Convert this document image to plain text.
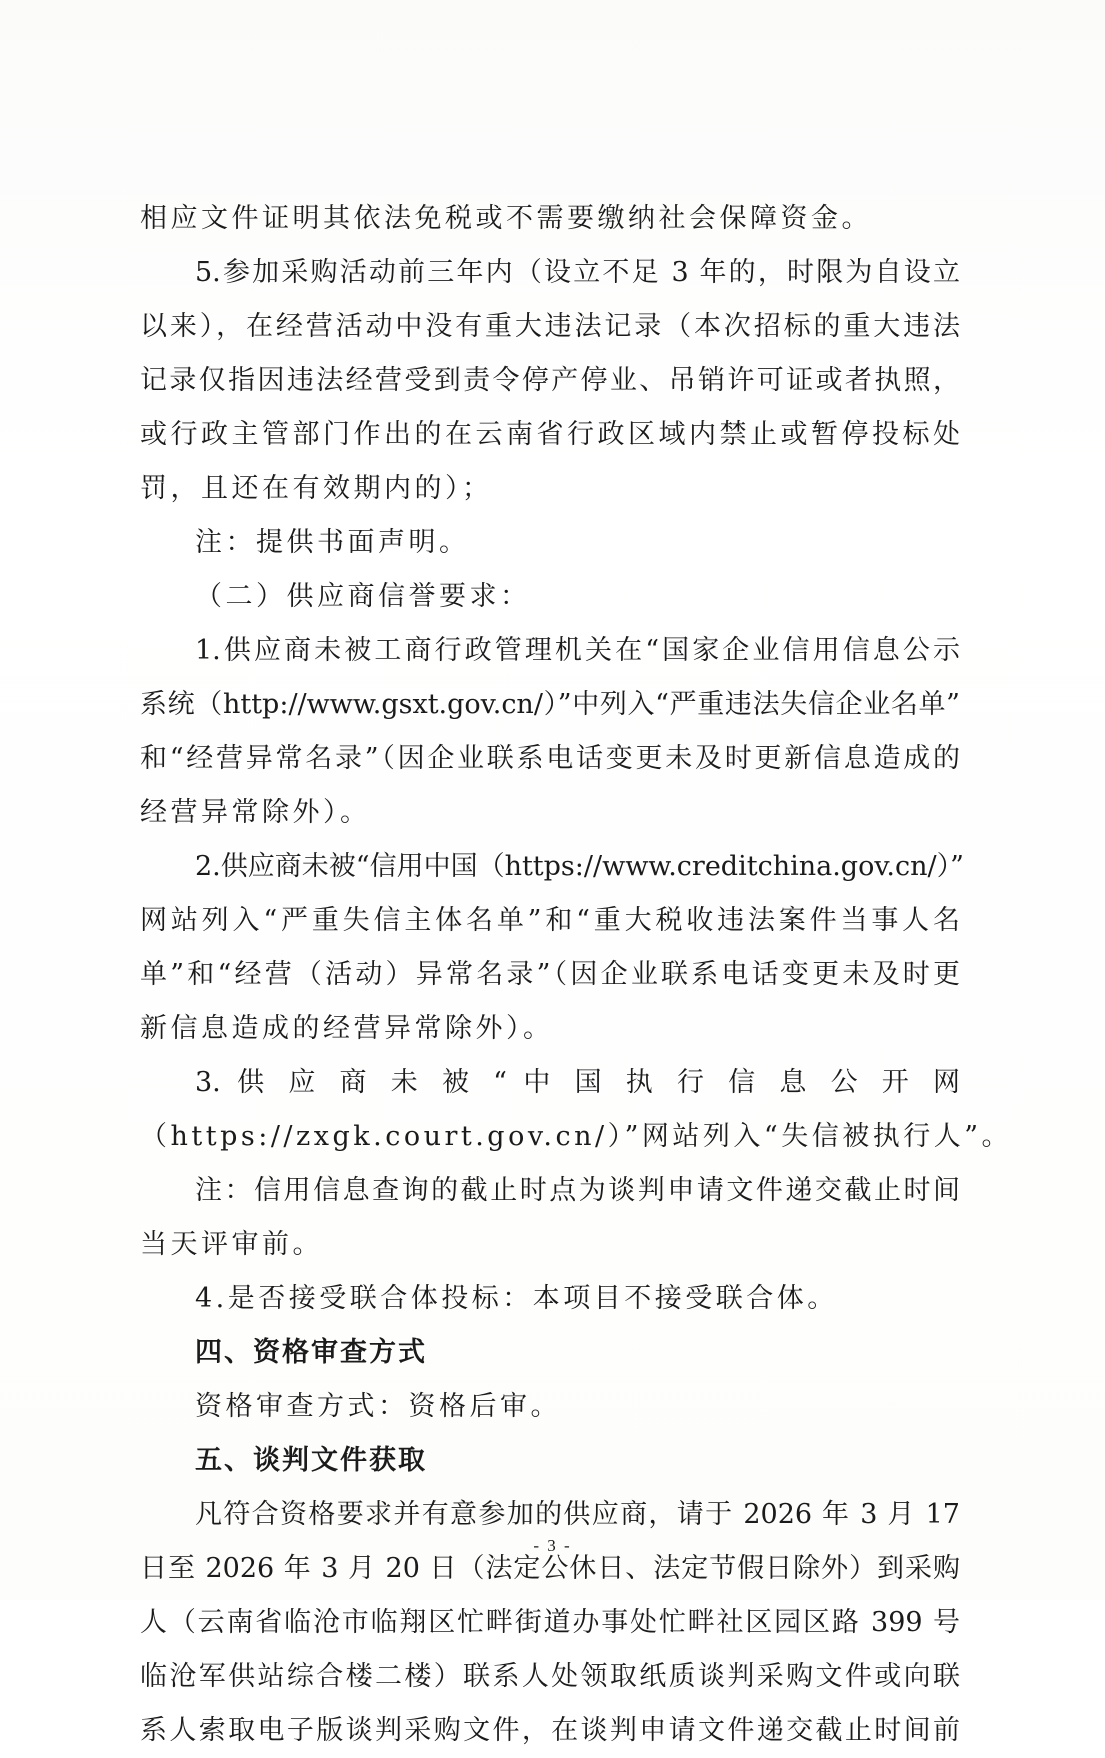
相应文件证明其依法免税或不需要缴纳社会保障资金。
5.参加采购活动前三年内（设立不足 3 年的，时限为自设立
以来），在经营活动中没有重大违法记录（本次招标的重大违法
记录仅指因违法经营受到责令停产停业、吊销许可证或者执照，
或行政主管部门作出的在云南省行政区域内禁止或暂停投标处
罚，且还在有效期内的）；
注：提供书面声明。
（二）供应商信誉要求：
1.供应商未被工商行政管理机关在“国家企业信用信息公示
系统（http://www.gsxt.gov.cn/）”中列入“严重违法失信企业名单”
和“经营异常名录”（因企业联系电话变更未及时更新信息造成的
经营异常除外）。
2.供应商未被“信用中国（https://www.creditchina.gov.cn/）”
网站列入“严重失信主体名单”和“重大税收违法案件当事人名
单”和“经营（活动）异常名录”（因企业联系电话变更未及时更
新信息造成的经营异常除外）。
3. 供 应 商 未 被 “ 中 国 执 行 信 息 公 开 网
（https://zxgk.court.gov.cn/）”网站列入“失信被执行人”。
注：信用信息查询的截止时点为谈判申请文件递交截止时间
当天评审前。
4.是否接受联合体投标：本项目不接受联合体。
四、资格审查方式
资格审查方式：资格后审。
五、谈判文件获取
凡符合资格要求并有意参加的供应商，请于 2026 年 3 月 17
日至 2026 年 3 月 20 日（法定公休日、法定节假日除外）到采购
人（云南省临沧市临翔区忙畔街道办事处忙畔社区园区路 399 号
临沧军供站综合楼二楼）联系人处领取纸质谈判采购文件或向联
系人索取电子版谈判采购文件，在谈判申请文件递交截止时间前
- 3 -
